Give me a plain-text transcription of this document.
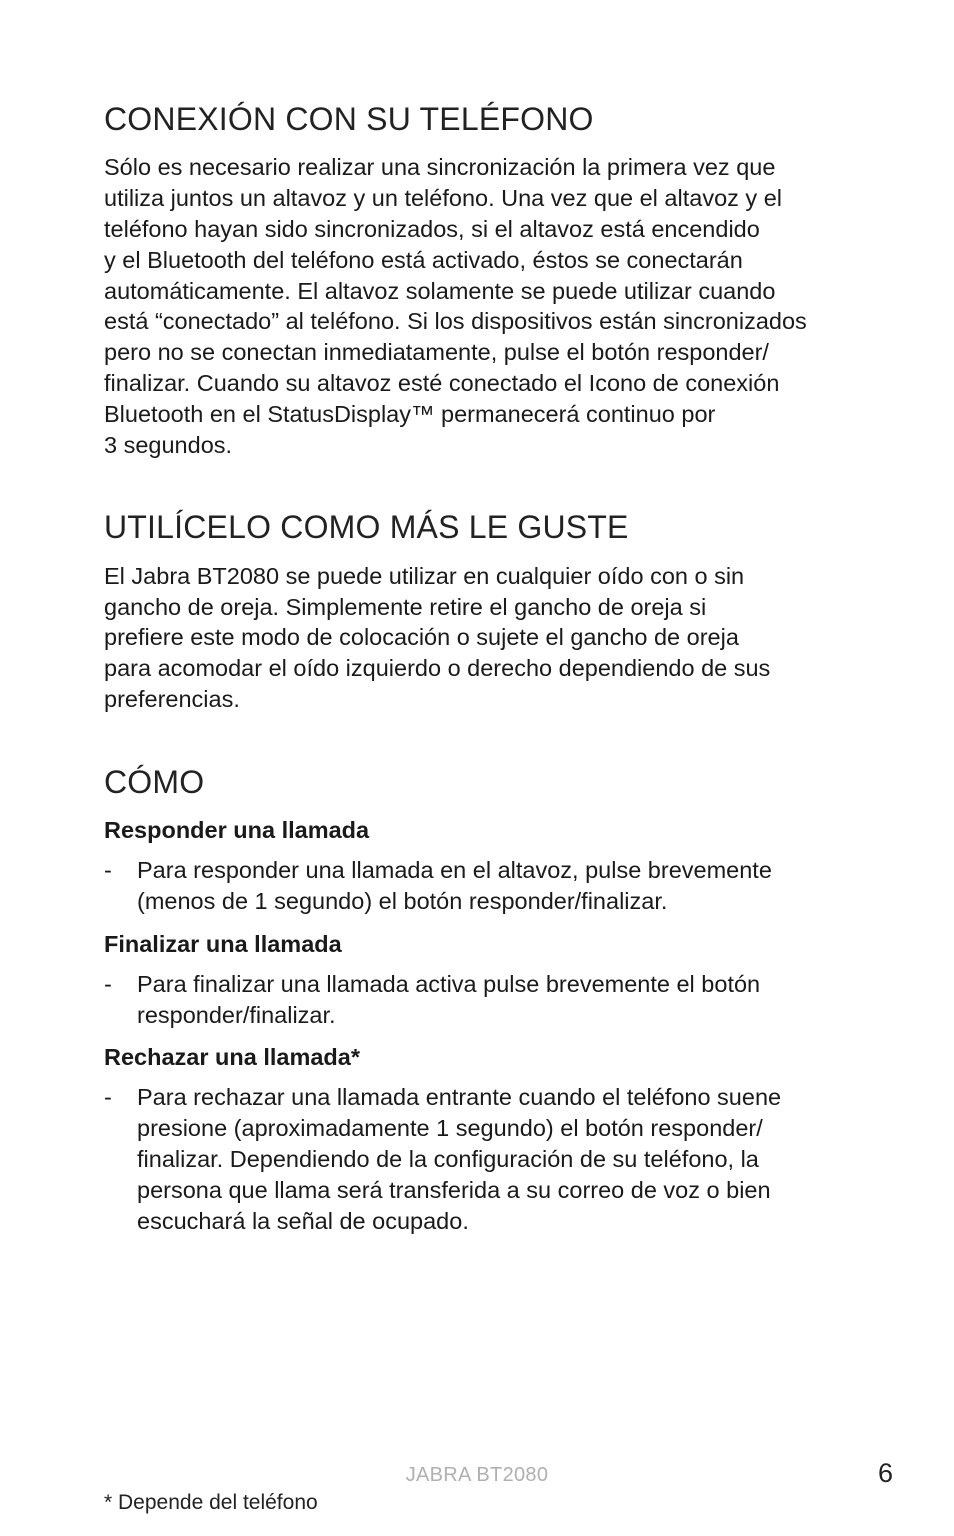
CONEXIÓN CON SU TELÉFONO

Sólo es necesario realizar una sincronización la primera vez que
utiliza juntos un altavoz y un teléfono. Una vez que el altavoz y el
teléfono hayan sido sincronizados, si el altavoz está encendido
y el Bluetooth del teléfono está activado, éstos se conectarán
automáticamente. El altavoz solamente se puede utilizar cuando
está “conectado” al teléfono. Si los dispositivos están sincronizados
pero no se conectan inmediatamente, pulse el botón responder/
finalizar. Cuando su altavoz esté conectado el Icono de conexión
Bluetooth en el StatusDisplay™ permanecerá continuo por
3 segundos.

UTILÍCELO COMO MÁS LE GUSTE

El Jabra BT2080 se puede utilizar en cualquier oído con o sin
gancho de oreja. Simplemente retire el gancho de oreja si
prefiere este modo de colocación o sujete el gancho de oreja
para acomodar el oído izquierdo o derecho dependiendo de sus
preferencias.

CÓMO
Responder una llamada
-	Para responder una llamada en el altavoz, pulse brevemente
(menos de 1 segundo) el botón responder/finalizar.
Finalizar una llamada
-	Para finalizar una llamada activa pulse brevemente el botón
responder/finalizar.
Rechazar una llamada*
-	Para rechazar una llamada entrante cuando el teléfono suene
presione (aproximadamente 1 segundo) el botón responder/
finalizar. Dependiendo de la configuración de su teléfono, la
persona que llama será transferida a su correo de voz o bien
escuchará la señal de ocupado.
JABRA BT2080	6
* Depende del teléfono
